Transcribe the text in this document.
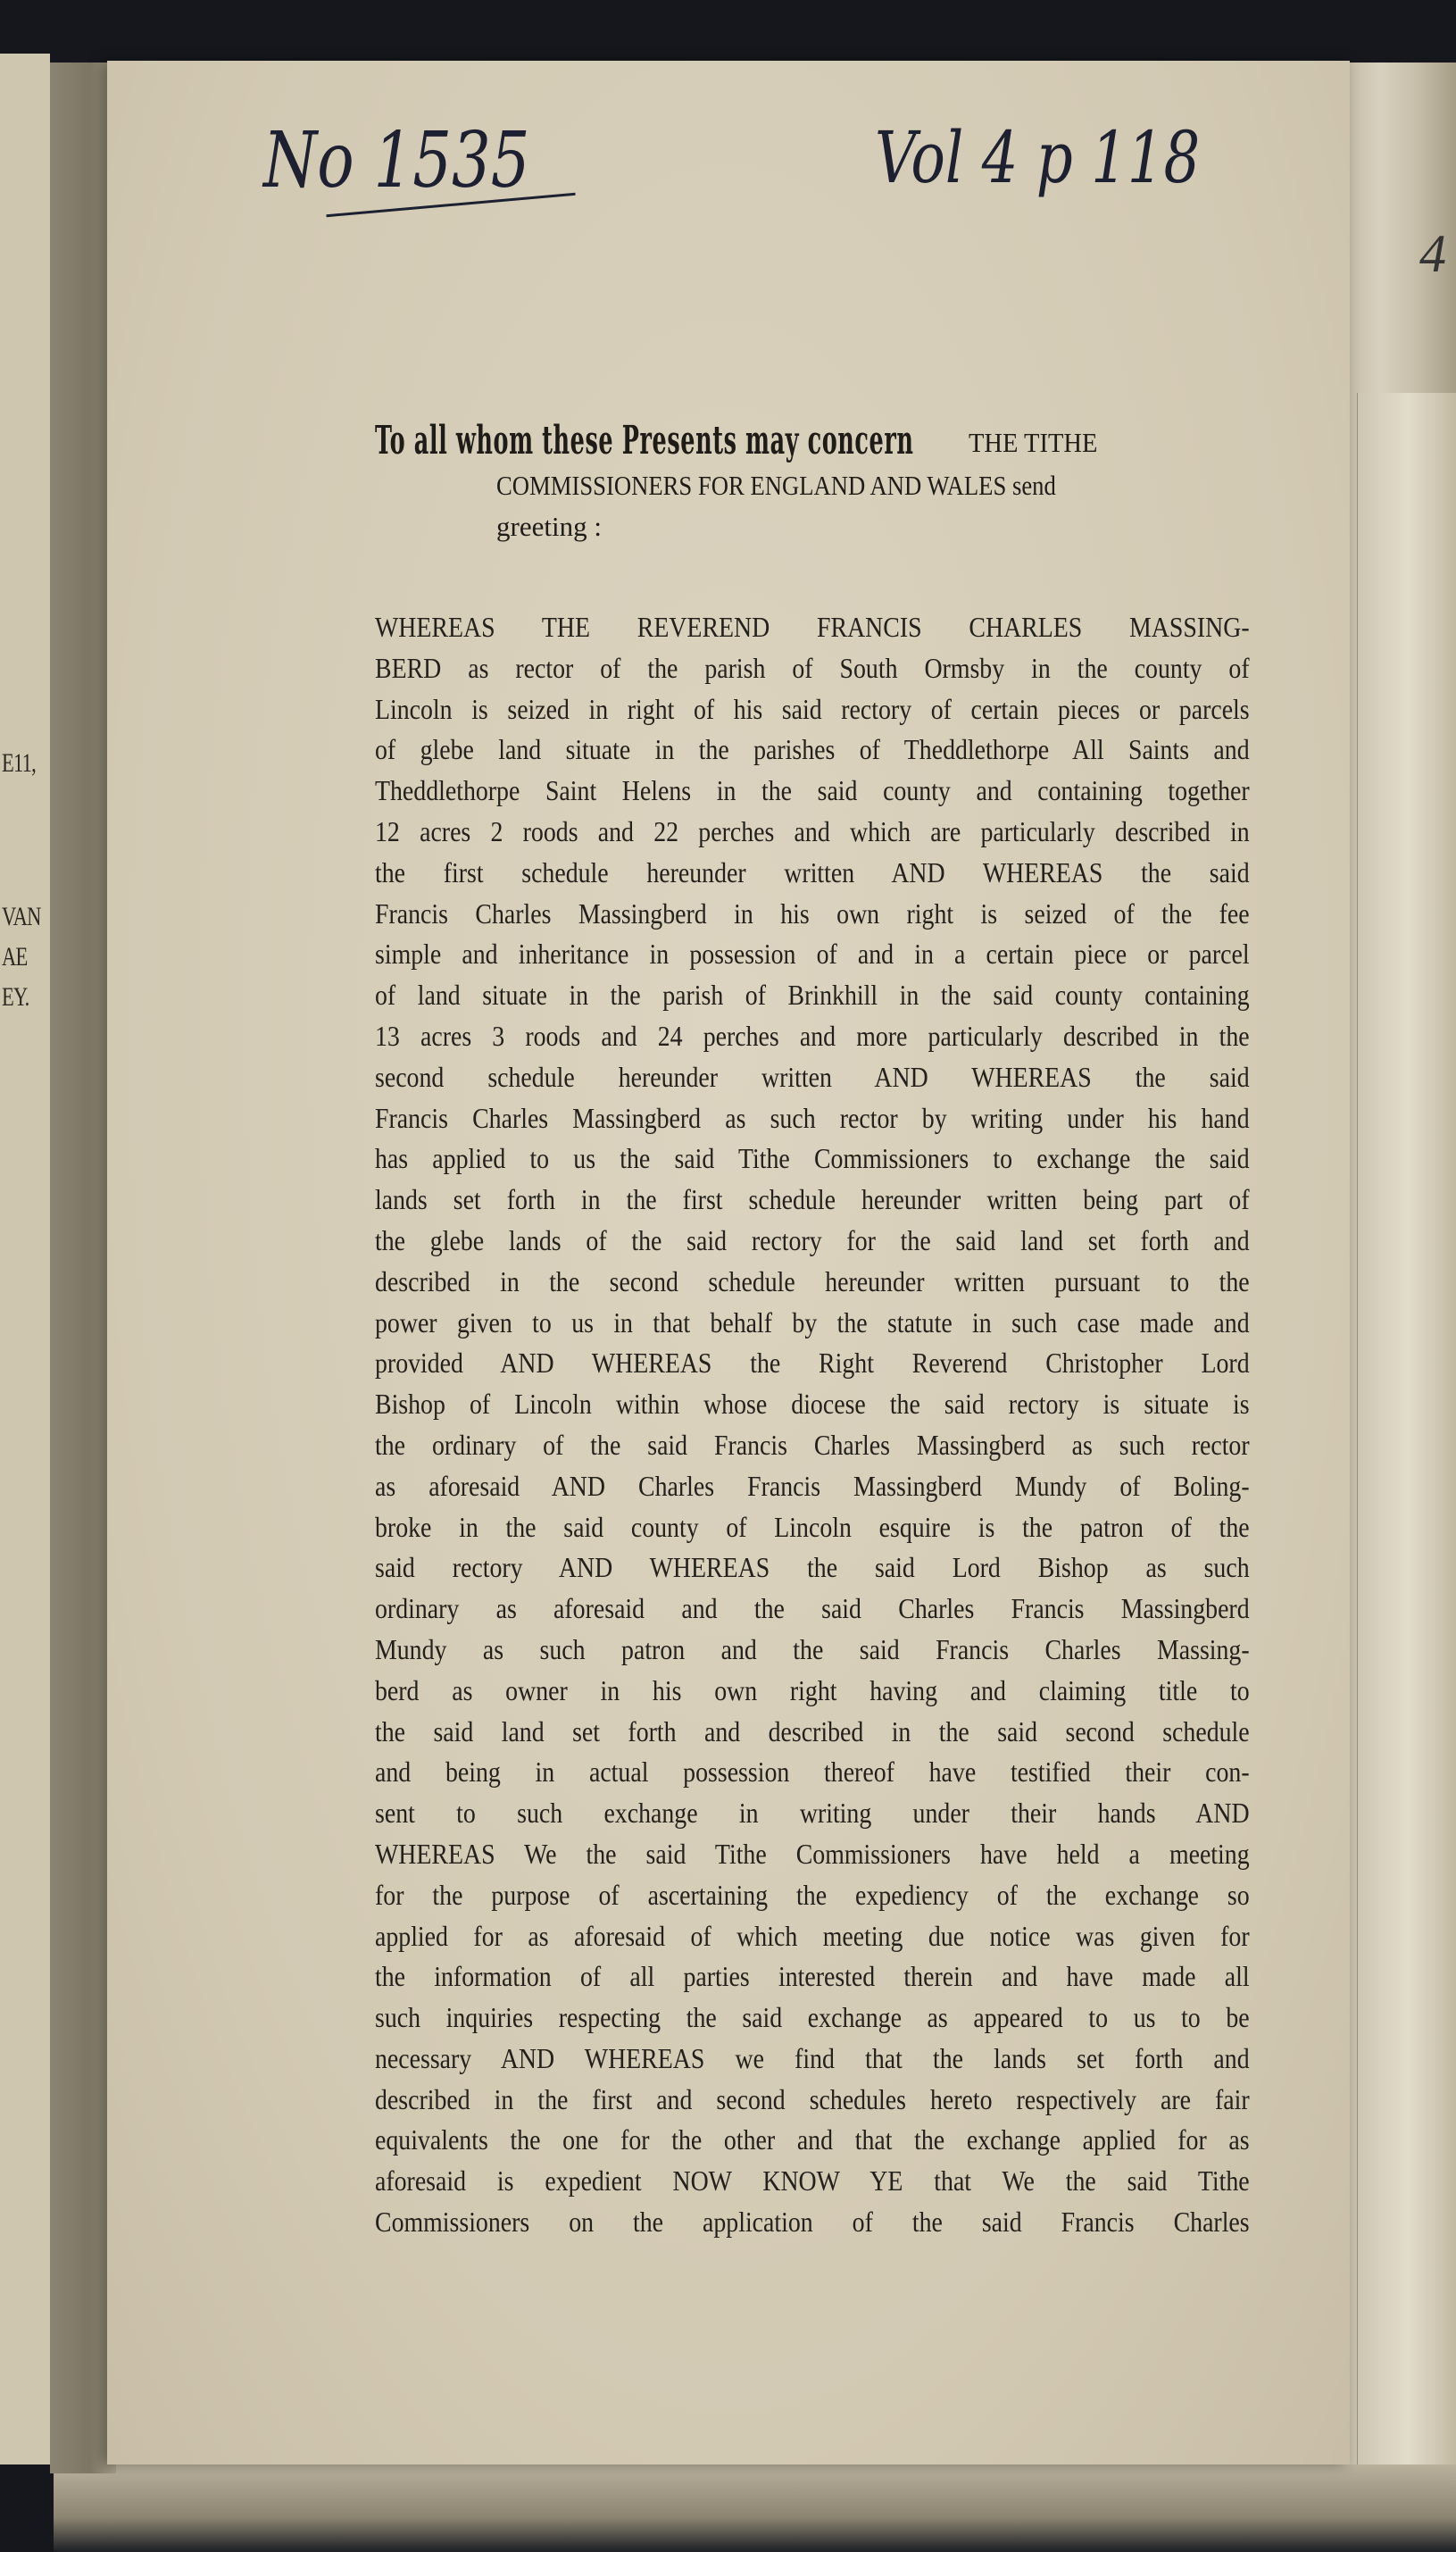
E11,
VAN
AE
EY.
4
No 1535	Vol 4 p 118
To all whom these Presents may concern	THE TITHE
COMMISSIONERS FOR ENGLAND AND WALES send
greeting :
WHEREAS THE REVEREND FRANCIS CHARLES MASSING-
BERD as rector of the parish of South Ormsby in the county of
Lincoln is seized in right of his said rectory of certain pieces or parcels
of glebe land situate in the parishes of Theddlethorpe All Saints and
Theddlethorpe Saint Helens in the said county and containing together
12 acres 2 roods and 22 perches and which are particularly described in
the first schedule hereunder written AND WHEREAS the said
Francis Charles Massingberd in his own right is seized of the fee
simple and inheritance in possession of and in a certain piece or parcel
of land situate in the parish of Brinkhill in the said county containing
13 acres 3 roods and 24 perches and more particularly described in the
second schedule hereunder written AND WHEREAS the said
Francis Charles Massingberd as such rector by writing under his hand
has applied to us the said Tithe Commissioners to exchange the said
lands set forth in the first schedule hereunder written being part of
the glebe lands of the said rectory for the said land set forth and
described in the second schedule hereunder written pursuant to the
power given to us in that behalf by the statute in such case made and
provided AND WHEREAS the Right Reverend Christopher Lord
Bishop of Lincoln within whose diocese the said rectory is situate is
the ordinary of the said Francis Charles Massingberd as such rector
as aforesaid AND Charles Francis Massingberd Mundy of Boling-
broke in the said county of Lincoln esquire is the patron of the
said rectory AND WHEREAS the said Lord Bishop as such
ordinary as aforesaid and the said Charles Francis Massingberd
Mundy as such patron and the said Francis Charles Massing-
berd as owner in his own right having and claiming title to
the said land set forth and described in the said second schedule
and being in actual possession thereof have testified their con-
sent to such exchange in writing under their hands AND
WHEREAS We the said Tithe Commissioners have held a meeting
for the purpose of ascertaining the expediency of the exchange so
applied for as aforesaid of which meeting due notice was given for
the information of all parties interested therein and have made all
such inquiries respecting the said exchange as appeared to us to be
necessary AND WHEREAS we find that the lands set forth and
described in the first and second schedules hereto respectively are fair
equivalents the one for the other and that the exchange applied for as
aforesaid is expedient NOW KNOW YE that We the said Tithe
Commissioners on the application of the said Francis Charles
